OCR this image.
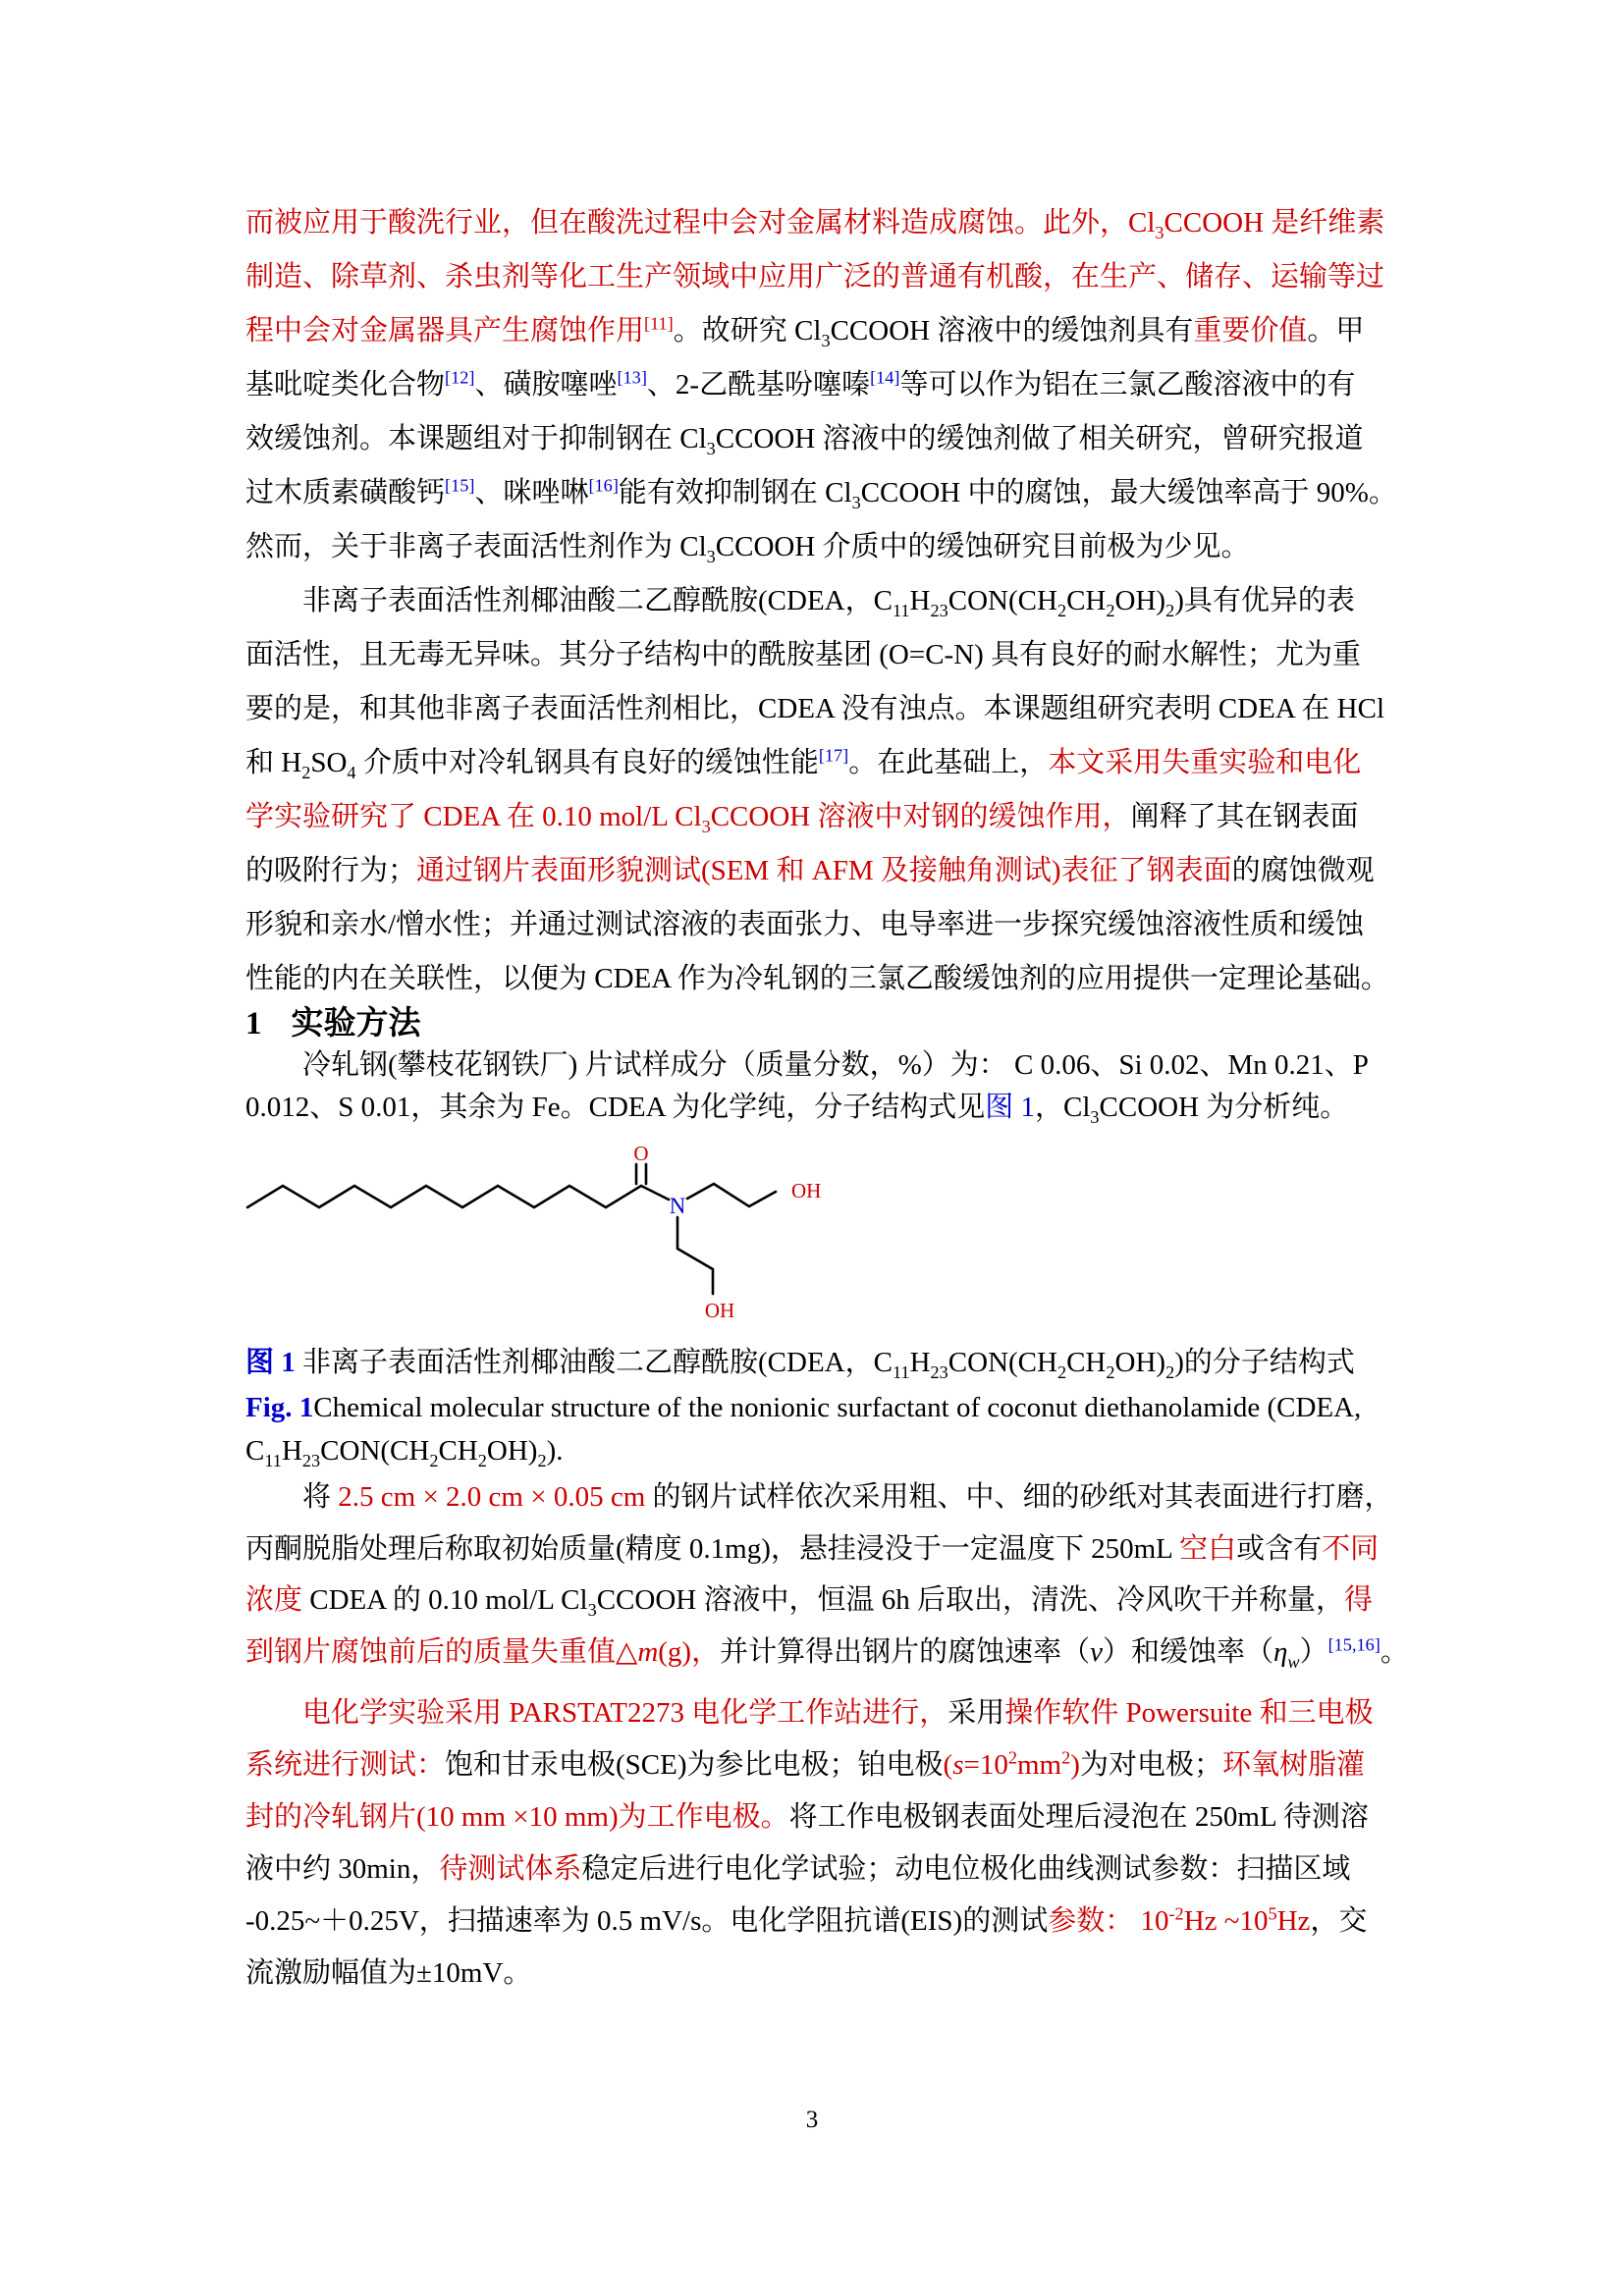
而被应用于酸洗行业，但在酸洗过程中会对金属材料造成腐蚀。此外，$Cl_3CCOOH$ 是纤维素
制造、除草剂、杀虫剂等化工生产领域中应用广泛的普通有机酸，在生产、储存、运输等过
程中会对金属器具产生腐蚀作用[11]。故研究 $Cl_3CCOOH$ 溶液中的缓蚀剂具有重要价值。甲
基吡啶类化合物[12]、磺胺噻唑[13]、2-乙酰基吩噻嗪[14]等可以作为铝在三氯乙酸溶液中的有
效缓蚀剂。本课题组对于抑制钢在 $Cl_3CCOOH$ 溶液中的缓蚀剂做了相关研究，曾研究报道
过木质素磺酸钙[15]、咪唑啉[16]能有效抑制钢在 $Cl_3CCOOH$ 中的腐蚀，最大缓蚀率高于 90%。
然而，关于非离子表面活性剂作为 $Cl_3CCOOH$ 介质中的缓蚀研究目前极为少见。
非离子表面活性剂椰油酸二乙醇酰胺(CDEA，$C_{11}H_{23}CON(CH_2CH_2OH)_2$)具有优异的表
面活性，且无毒无异味。其分子结构中的酰胺基团 (O=C-N) 具有良好的耐水解性；尤为重
要的是，和其他非离子表面活性剂相比，CDEA 没有浊点。本课题组研究表明 CDEA 在 HCl
和 $H_2SO_4$ 介质中对冷轧钢具有良好的缓蚀性能[17]。在此基础上，本文采用失重实验和电化
学实验研究了 CDEA 在 0.10 mol/L $Cl_3CCOOH$ 溶液中对钢的缓蚀作用，阐释了其在钢表面
的吸附行为；通过钢片表面形貌测试(SEM 和 AFM 及接触角测试)表征了钢表面的腐蚀微观
形貌和亲水/憎水性；并通过测试溶液的表面张力、电导率进一步探究缓蚀溶液性质和缓蚀
性能的内在关联性，以便为 CDEA 作为冷轧钢的三氯乙酸缓蚀剂的应用提供一定理论基础。
1 实验方法
冷轧钢(攀枝花钢铁厂) 片试样成分（质量分数，%）为： C 0.06、Si 0.02、Mn 0.21、P
0.012、S 0.01，其余为 Fe。CDEA 为化学纯，分子结构式见图 1，$Cl_3CCOOH$ 为分析纯。
O
N
OH
OH
图 1 非离子表面活性剂椰油酸二乙醇酰胺(CDEA，$C_{11}H_{23}CON(CH_2CH_2OH)_2$)的分子结构式
Fig. 1Chemical molecular structure of the nonionic surfactant of coconut diethanolamide (CDEA,
$C_{11}H_{23}CON(CH_2CH_2OH)_2$).
将 2.5 cm × 2.0 cm × 0.05 cm 的钢片试样依次采用粗、中、细的砂纸对其表面进行打磨，
丙酮脱脂处理后称取初始质量(精度 0.1mg)，悬挂浸没于一定温度下 250mL 空白或含有不同
浓度 CDEA 的 0.10 mol/L $Cl_3CCOOH$ 溶液中，恒温 6h 后取出，清洗、冷风吹干并称量，得
到钢片腐蚀前后的质量失重值△m(g)，并计算得出钢片的腐蚀速率（v）和缓蚀率$(\eta_w)[15,16]$。
电化学实验采用 PARSTAT2273 电化学工作站进行，采用操作软件 Powersuite 和三电极
系统进行测试：饱和甘汞电极(SCE)为参比电极；铂电极$(s=10^2mm^2)$为对电极；环氧树脂灌
封的冷轧钢片(10 mm ×10 mm)为工作电极。将工作电极钢表面处理后浸泡在 250mL 待测溶
液中约 30min，待测试体系稳定后进行电化学试验；动电位极化曲线测试参数：扫描区域
-0.25~＋0.25V，扫描速率为 0.5 mV/s。电化学阻抗谱(EIS)的测试参数： $10^{-2}Hz$ $\sim 10^5Hz$，交
流激励幅值为±10mV。
3
